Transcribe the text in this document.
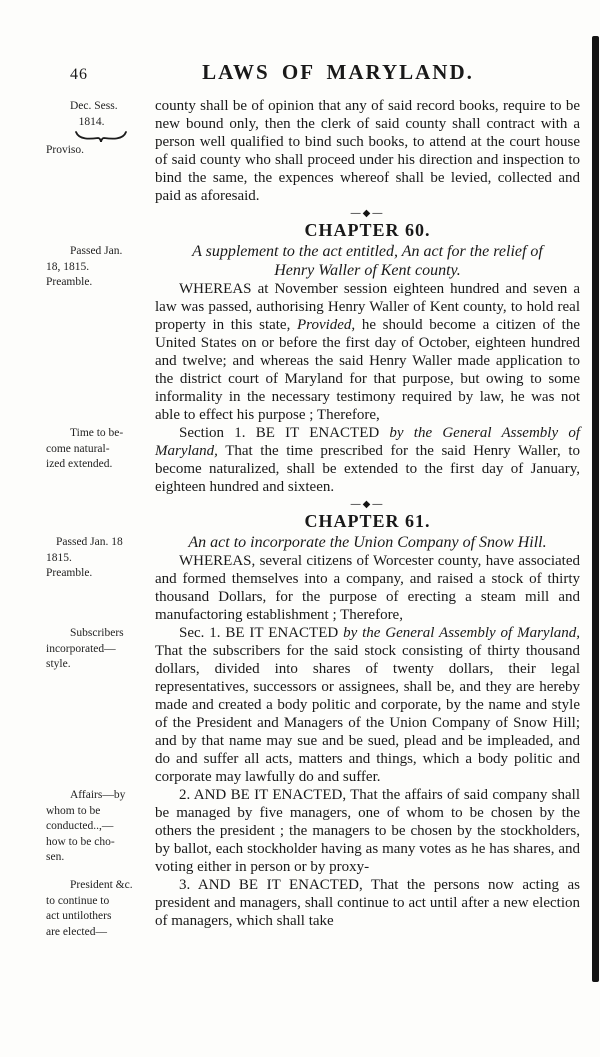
46	LAWS OF MARYLAND.
Dec. Sess.
1814.
Proviso.

county shall be of opinion that any of said record books, require to be new bound only, then the clerk of said county shall contract with a person well qualified to bind such books, to attend at the court house of said county who shall proceed under his direction and inspection to bind the same, the expences whereof shall be levied, collected and paid as aforesaid.

―◆―
CHAPTER 60.
Passed Jan.
18, 1815.
Preamble.

A supplement to the act entitled, An act for the relief of
Henry Waller of Kent county.

WHEREAS at November session eighteen hundred and seven a law was passed, authorising Henry Waller of Kent county, to hold real property in this state, Provided, he should become a citizen of the United States on or before the first day of October, eighteen hundred and twelve; and whereas the said Henry Waller made application to the district court of Maryland for that purpose, but owing to some informality in the necessary testimony required by law, he was not able to effect his purpose ; Therefore,

Time to be-
come natural-
ized extended.

Section 1. BE IT ENACTED by the General Assembly of Maryland, That the time prescribed for the said Henry Waller, to become naturalized, shall be extended to the first day of January, eighteen hundred and sixteen.

―◆―
CHAPTER 61.
Passed Jan. 18
1815.
Preamble.

An act to incorporate the Union Company of Snow Hill.

WHEREAS, several citizens of Worcester county, have associated and formed themselves into a company, and raised a stock of thirty thousand Dollars, for the purpose of erecting a steam mill and manufactoring establishment ; Therefore,

Subscribers
incorporated—
style.

Sec. 1. BE IT ENACTED by the General Assembly of Maryland, That the subscribers for the said stock consisting of thirty thousand dollars, divided into shares of twenty dollars, their legal representatives, successors or assignees, shall be, and they are hereby made and created a body politic and corporate, by the name and style of the President and Managers of the Union Company of Snow Hill; and by that name may sue and be sued, plead and be impleaded, and do and suffer all acts, matters and things, which a body politic and corporate may lawfully do and suffer.

Affairs—by
whom to be
conducted..,—
how to be cho-
sen.

2. AND BE IT ENACTED, That the affairs of said company shall be managed by five managers, one of whom to be chosen by the others the president ; the managers to be chosen by the stockholders, by ballot, each stockholder having as many votes as he has shares, and voting either in person or by proxy-

President &c.
to continue to
act untilothers
are elected—

3. AND BE IT ENACTED, That the persons now acting as president and managers, shall continue to act until after a new election of managers, which shall take
